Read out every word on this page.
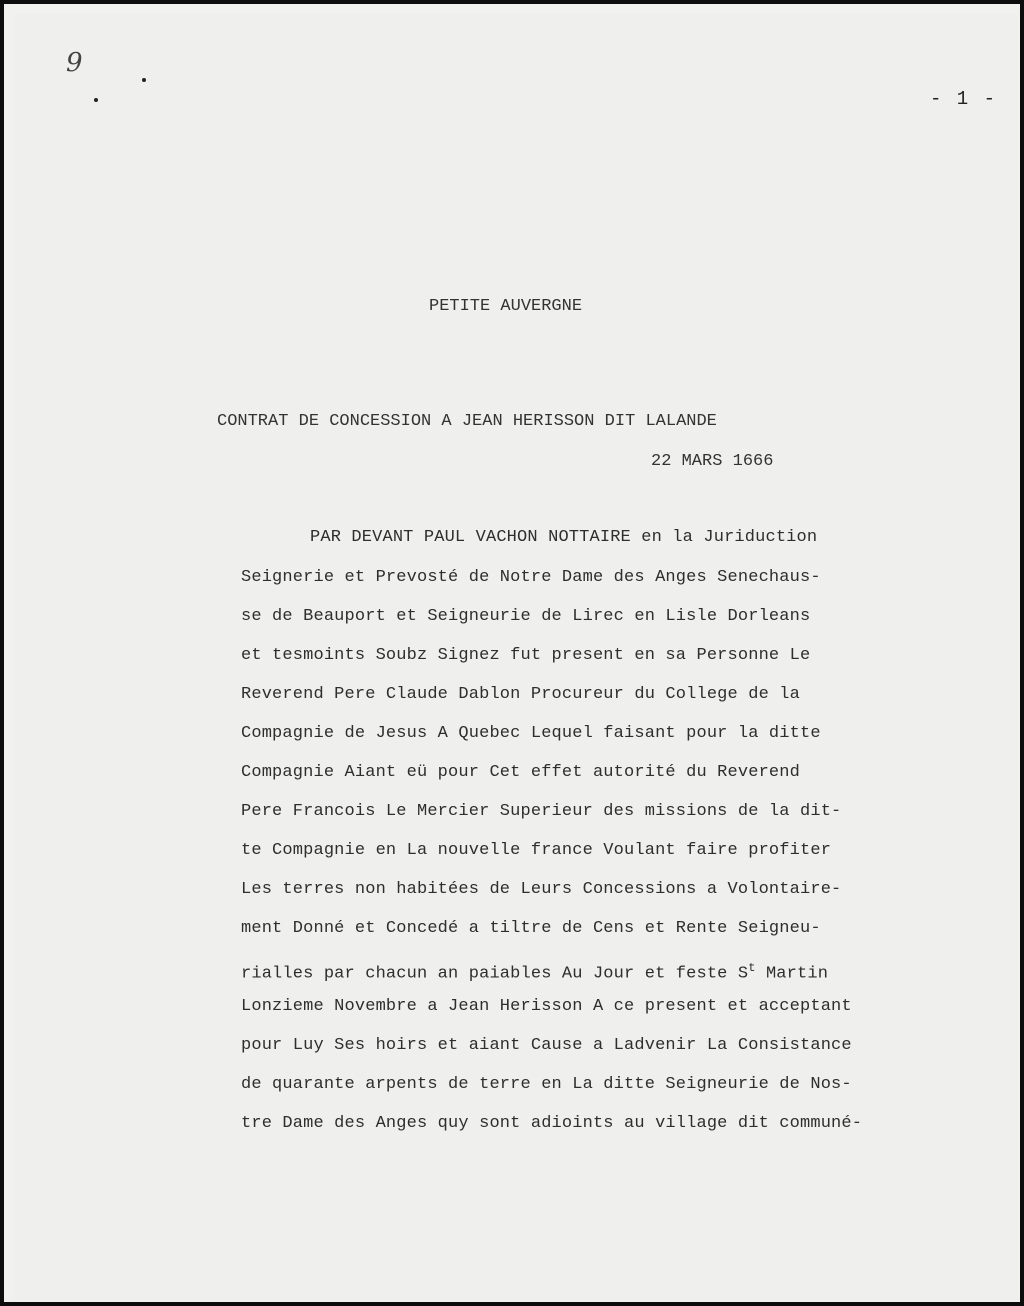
9
- 1 -
PETITE AUVERGNE
CONTRAT DE CONCESSION A JEAN HERISSON DIT LALANDE
22 MARS 1666
PAR DEVANT PAUL VACHON NOTTAIRE en la Juriduction
Seignerie et Prevosté de Notre Dame des Anges Senechaus-
se de Beauport et Seigneurie de Lirec en Lisle Dorleans
et tesmoints Soubz Signez fut present en sa Personne Le
Reverend Pere Claude Dablon Procureur du College de la
Compagnie de Jesus A Quebec Lequel faisant pour la ditte
Compagnie Aiant eü pour Cet effet autorité du Reverend
Pere Francois Le Mercier Superieur des missions de la dit-
te Compagnie en La nouvelle france Voulant faire profiter
Les terres non habitées de Leurs Concessions a Volontaire-
ment Donné et Concedé a tiltre de Cens et Rente Seigneu-
rialles par chacun an paiables Au Jour et feste $S^t$ Martin
Lonzieme Novembre a Jean Herisson A ce present et acceptant
pour Luy Ses hoirs et aiant Cause a Ladvenir La Consistance
de quarante arpents de terre en La ditte Seigneurie de Nos-
tre Dame des Anges quy sont adioints au village dit communé-
